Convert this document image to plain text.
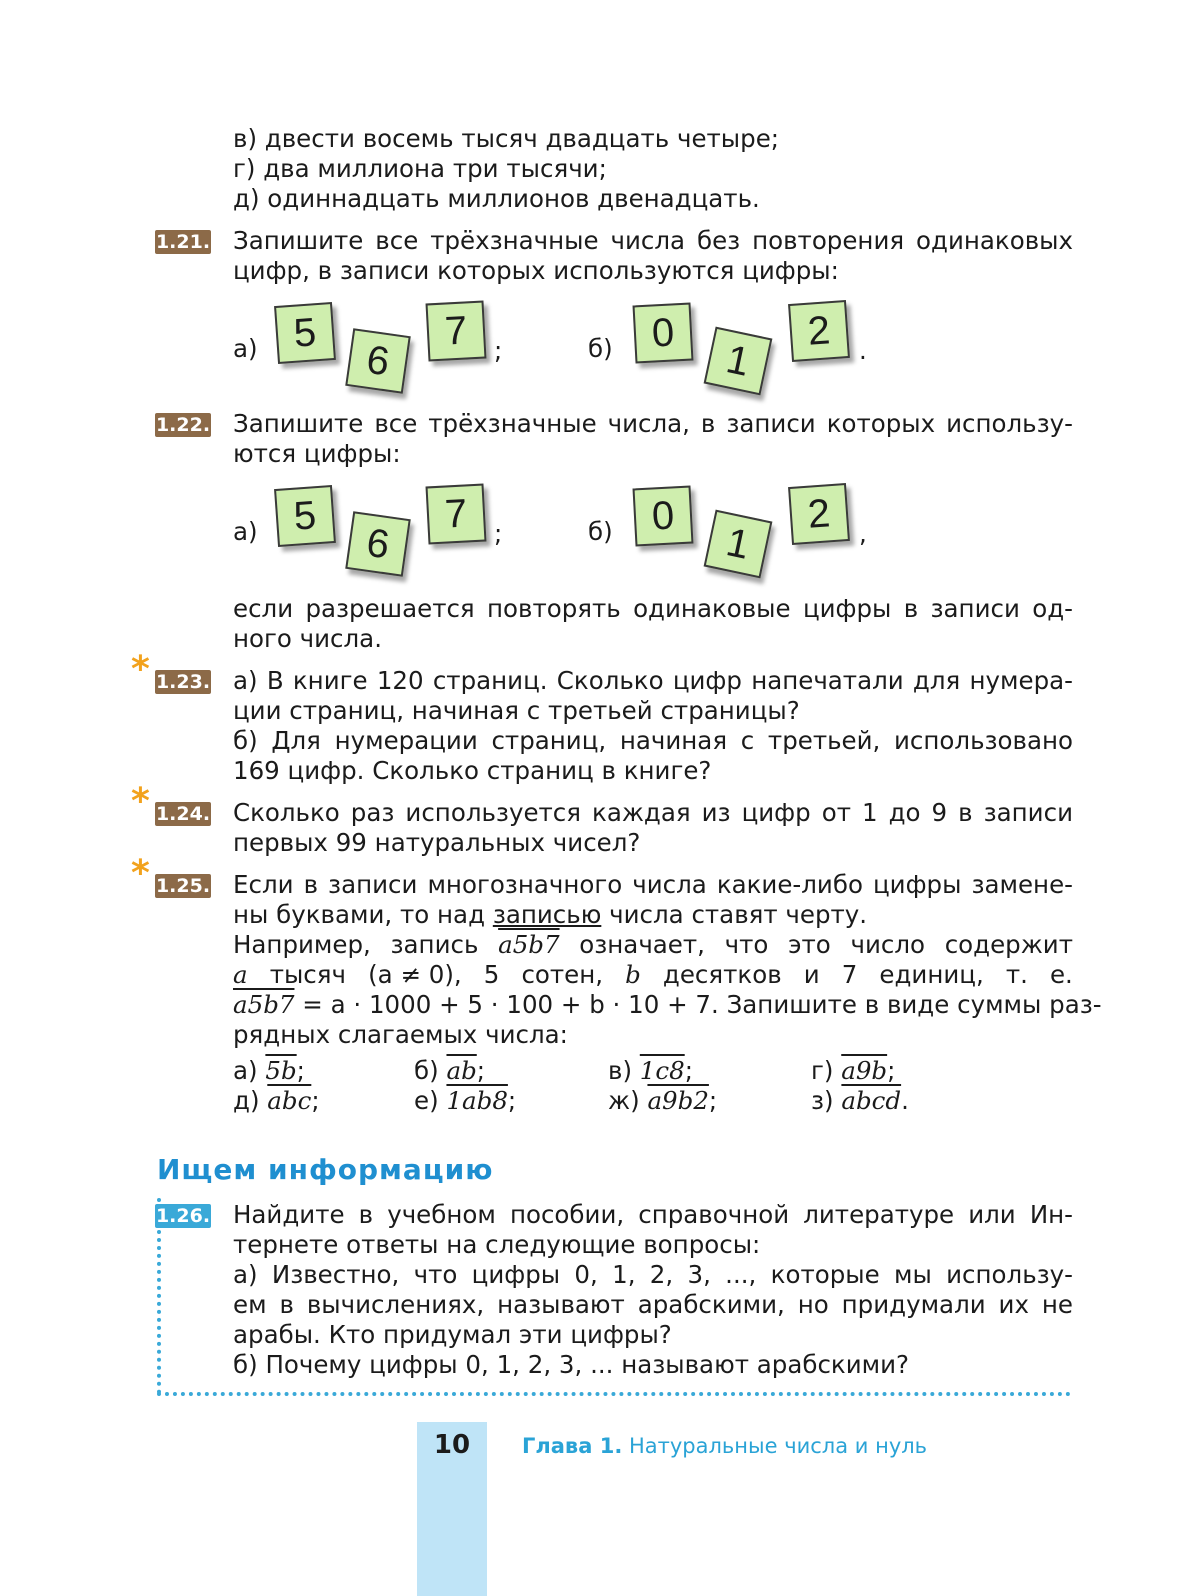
в) двести восемь тысяч двадцать четыре;
г) два миллиона три тысячи;
д) одиннадцать миллионов двенадцать.
1.21. Запишите все трёхзначные числа без повторения одинаковых
цифр, в записи которых используются цифры:
а) 5
6
7	;	б) 0
1
2	.
1.22. Запишите все трёхзначные числа, в записи которых использу-
ются цифры:
а) 5
6
7	;	б) 0
1
2	,
если разрешается повторять одинаковые цифры в записи од-
ного числа.
* 1.23. а) В книге 120 страниц. Сколько цифр напечатали для нумера-
ции страниц, начиная с третьей страницы?
б) Для нумерации страниц, начиная с третьей, использовано
169 цифр. Сколько страниц в книге?
* 1.24. Сколько раз используется каждая из цифр от 1 до 9 в записи
первых 99 натуральных чисел?
* 1.25. Если в записи многозначного числа какие-либо цифры замене-
ны буквами, то над записью числа ставят черту.
Например, запись a5b7 означает, что это число содержит
a тысяч (a ≠ 0), 5 сотен, b десятков и 7 единиц, т. е.
a5b7 = a · 1000 + 5 · 100 + b · 10 + 7. Запишите в виде суммы раз-
рядных слагаемых числа:
а) 5b;	б) $\overline{ab}$;	в) 1c8;	г) a9b;
д) $\overline{abc}$;	е) 1ab8;	ж) a9b2;	з) abcd.
Ищем информацию
1.26. Найдите в учебном пособии, справочной литературе или Ин-
тернете ответы на следующие вопросы:
а) Известно, что цифры 0, 1, 2, 3, ..., которые мы использу-
ем в вычислениях, называют арабскими, но придумали их не
арабы. Кто придумал эти цифры?
б) Почему цифры 0, 1, 2, 3, ... называют арабскими?
10	Глава 1. Натуральные числа и нуль
